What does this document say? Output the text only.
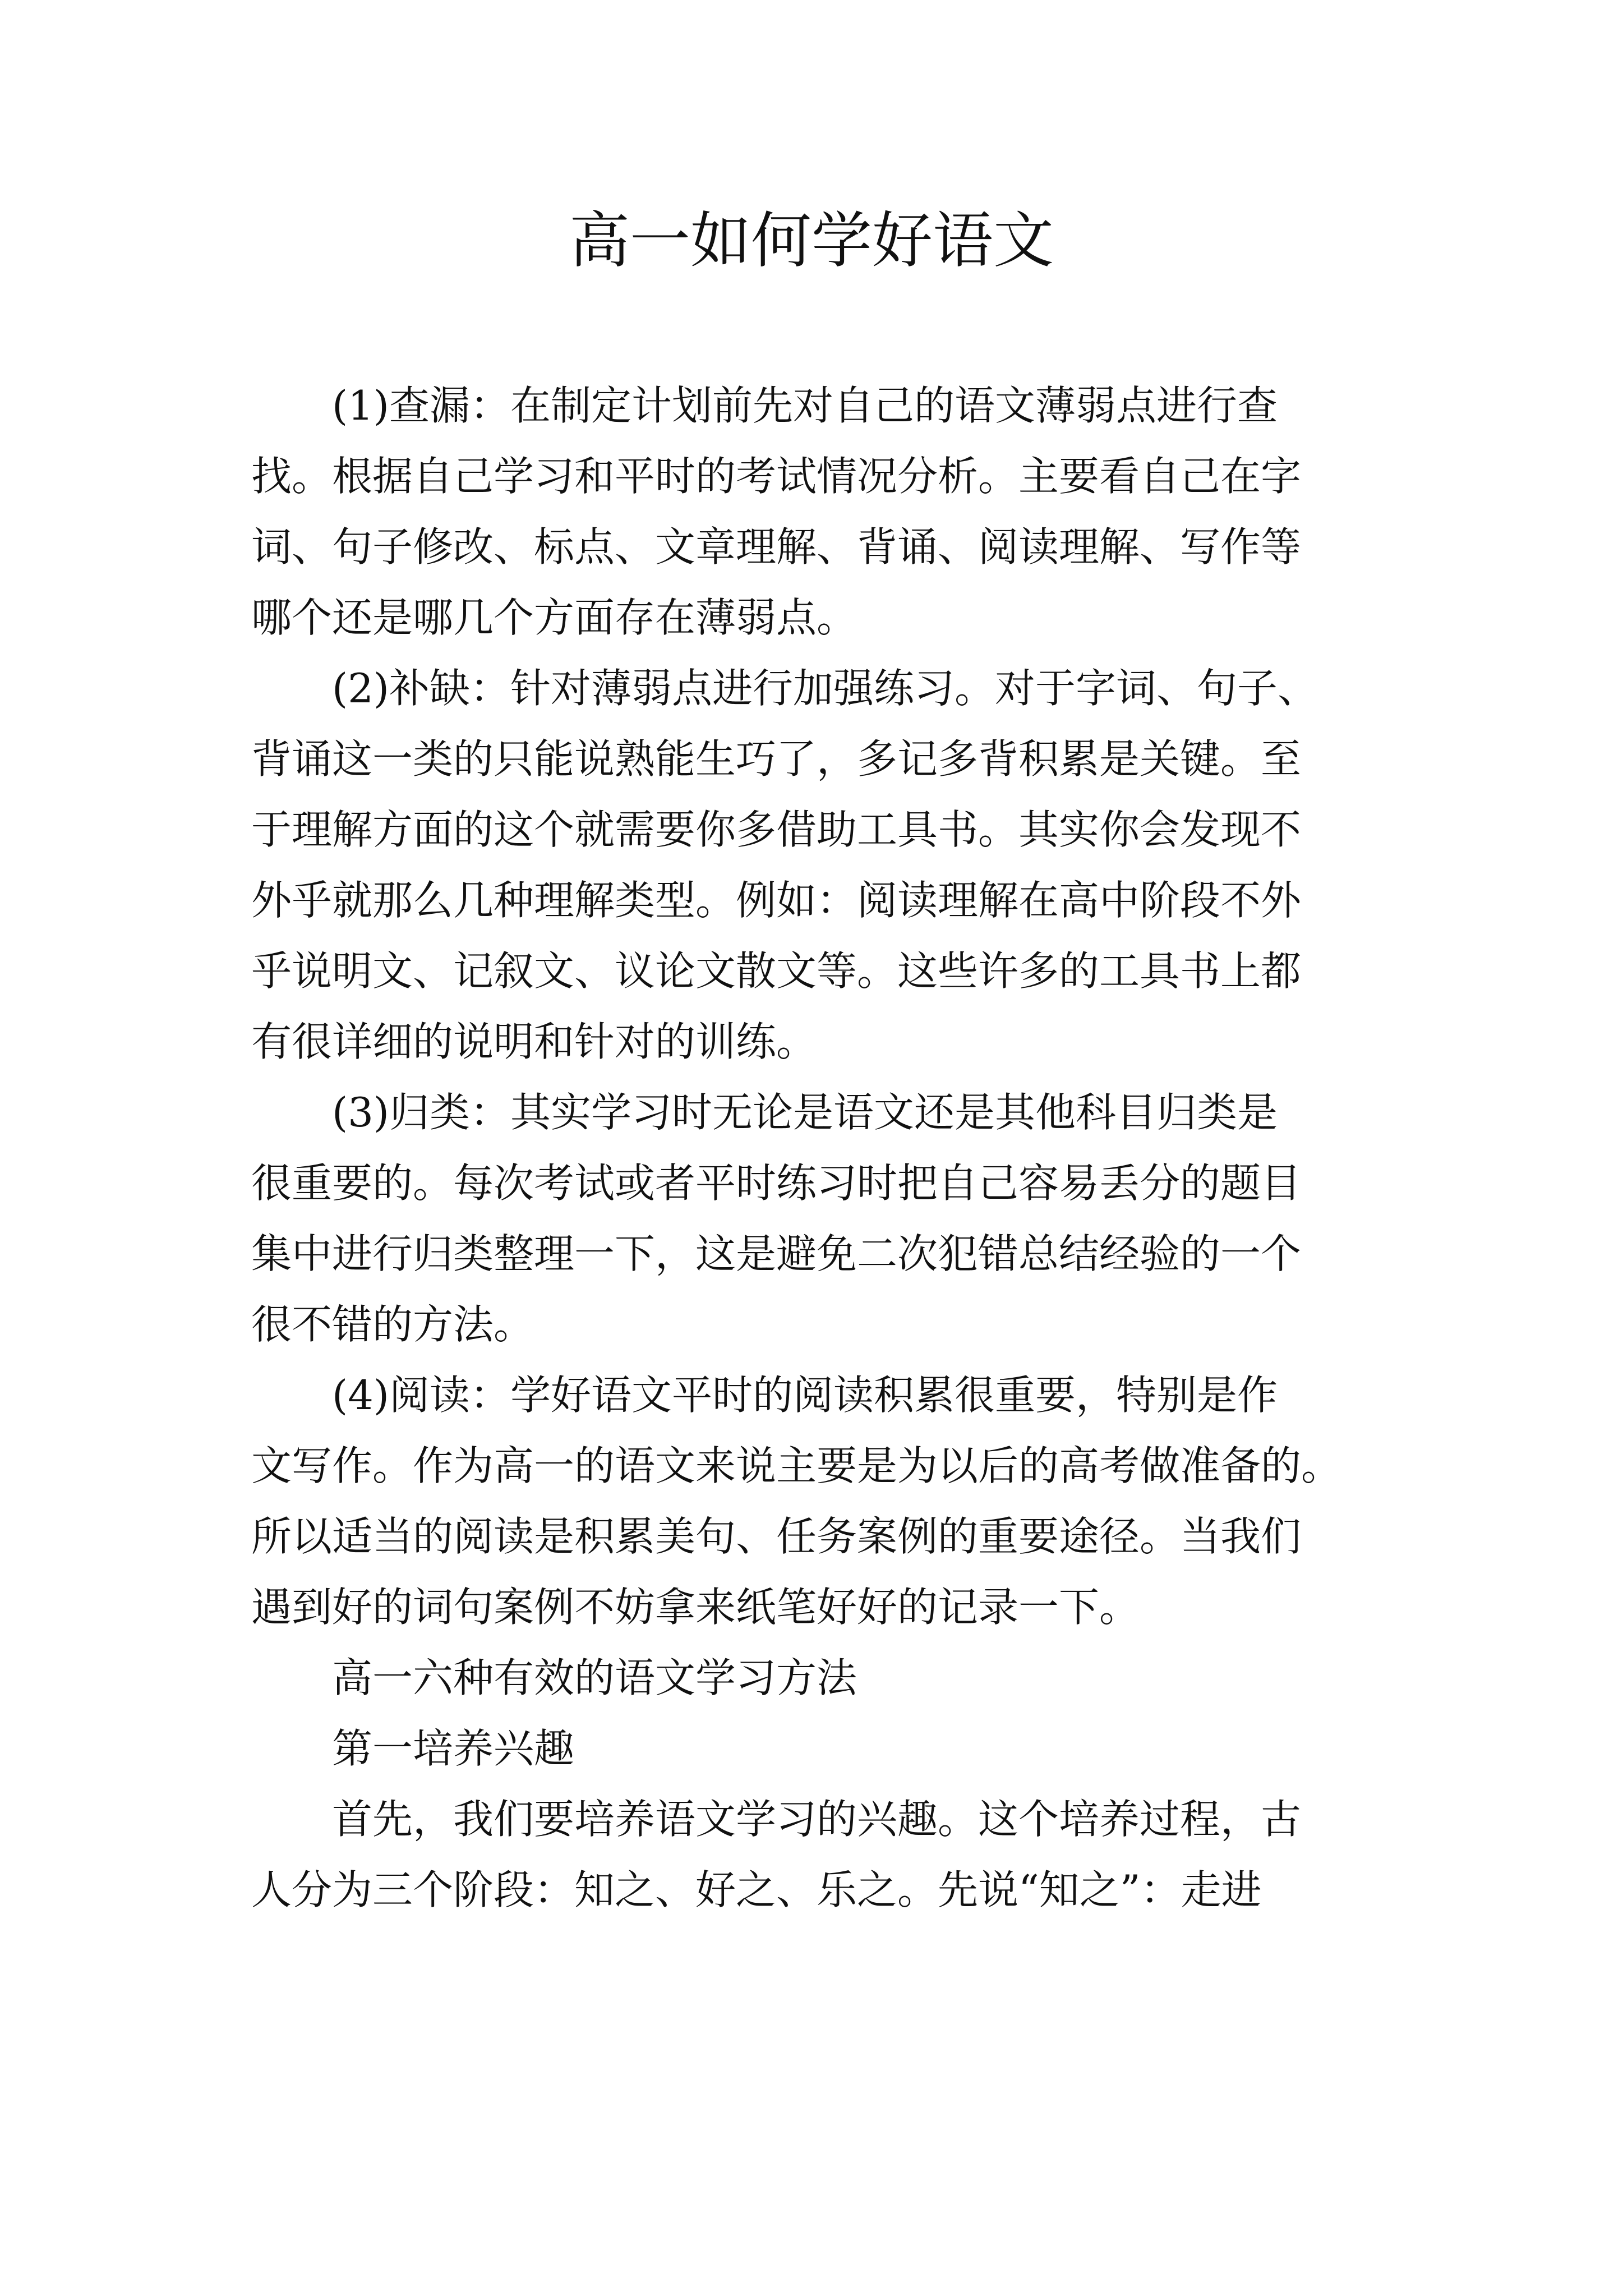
高一如何学好语文

(1)查漏：在制定计划前先对自己的语文薄弱点进行查
找。根据自己学习和平时的考试情况分析。主要看自己在字
词、句子修改、标点、文章理解、背诵、阅读理解、写作等
哪个还是哪几个方面存在薄弱点。

(2)补缺：针对薄弱点进行加强练习。对于字词、句子、
背诵这一类的只能说熟能生巧了，多记多背积累是关键。至
于理解方面的这个就需要你多借助工具书。其实你会发现不
外乎就那么几种理解类型。例如：阅读理解在高中阶段不外
乎说明文、记叙文、议论文散文等。这些许多的工具书上都
有很详细的说明和针对的训练。

(3)归类：其实学习时无论是语文还是其他科目归类是
很重要的。每次考试或者平时练习时把自己容易丢分的题目
集中进行归类整理一下，这是避免二次犯错总结经验的一个
很不错的方法。

(4)阅读：学好语文平时的阅读积累很重要，特别是作
文写作。作为高一的语文来说主要是为以后的高考做准备的。
所以适当的阅读是积累美句、任务案例的重要途径。当我们
遇到好的词句案例不妨拿来纸笔好好的记录一下。

高一六种有效的语文学习方法

第一培养兴趣

首先，我们要培养语文学习的兴趣。这个培养过程，古
人分为三个阶段：知之、好之、乐之。先说“知之”：走进
